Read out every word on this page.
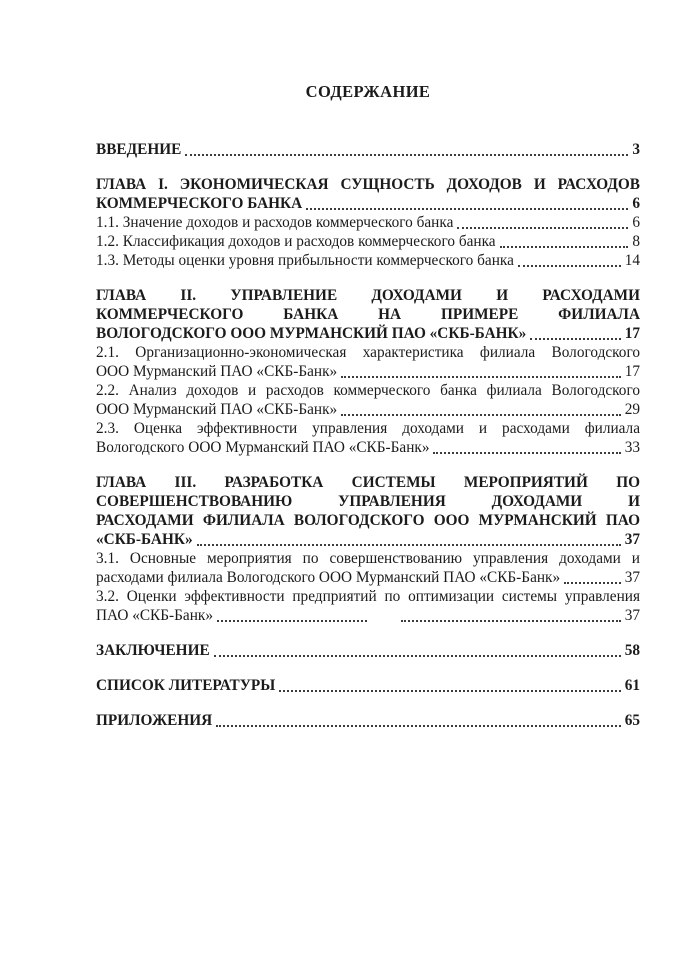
СОДЕРЖАНИЕ
ВВЕДЕНИЕ	3
ГЛАВА I. ЭКОНОМИЧЕСКАЯ СУЩНОСТЬ ДОХОДОВ И РАСХОДОВ
КОММЕРЧЕСКОГО БАНКА	6
1.1. Значение доходов и расходов коммерческого банка	6
1.2. Классификация доходов и расходов коммерческого банка	8
1.3. Методы оценки уровня прибыльности коммерческого банка	14
ГЛАВА II. УПРАВЛЕНИЕ ДОХОДАМИ И РАСХОДАМИ
КОММЕРЧЕСКОГО БАНКА НА ПРИМЕРЕ ФИЛИАЛА
ВОЛОГОДСКОГО ООО МУРМАНСКИЙ ПАО «СКБ-БАНК»	17
2.1. Организационно-экономическая характеристика филиала Вологодского
ООО Мурманский ПАО «СКБ-Банк»	17
2.2. Анализ доходов и расходов коммерческого банка филиала Вологодского
ООО Мурманский ПАО «СКБ-Банк»	29
2.3. Оценка эффективности управления доходами и расходами филиала
Вологодского ООО Мурманский ПАО «СКБ-Банк»	33
ГЛАВА III. РАЗРАБОТКА СИСТЕМЫ МЕРОПРИЯТИЙ ПО
СОВЕРШЕНСТВОВАНИЮ УПРАВЛЕНИЯ ДОХОДАМИ И
РАСХОДАМИ ФИЛИАЛА ВОЛОГОДСКОГО ООО МУРМАНСКИЙ ПАО
«СКБ-БАНК»	37
3.1. Основные мероприятия по совершенствованию управления доходами и
расходами филиала Вологодского ООО Мурманский ПАО «СКБ-Банк»	37
3.2. Оценки эффективности предприятий по оптимизации системы управления
ПАО «СКБ-Банк»	37
ЗАКЛЮЧЕНИЕ	58
СПИСОК ЛИТЕРАТУРЫ	61
ПРИЛОЖЕНИЯ	65
